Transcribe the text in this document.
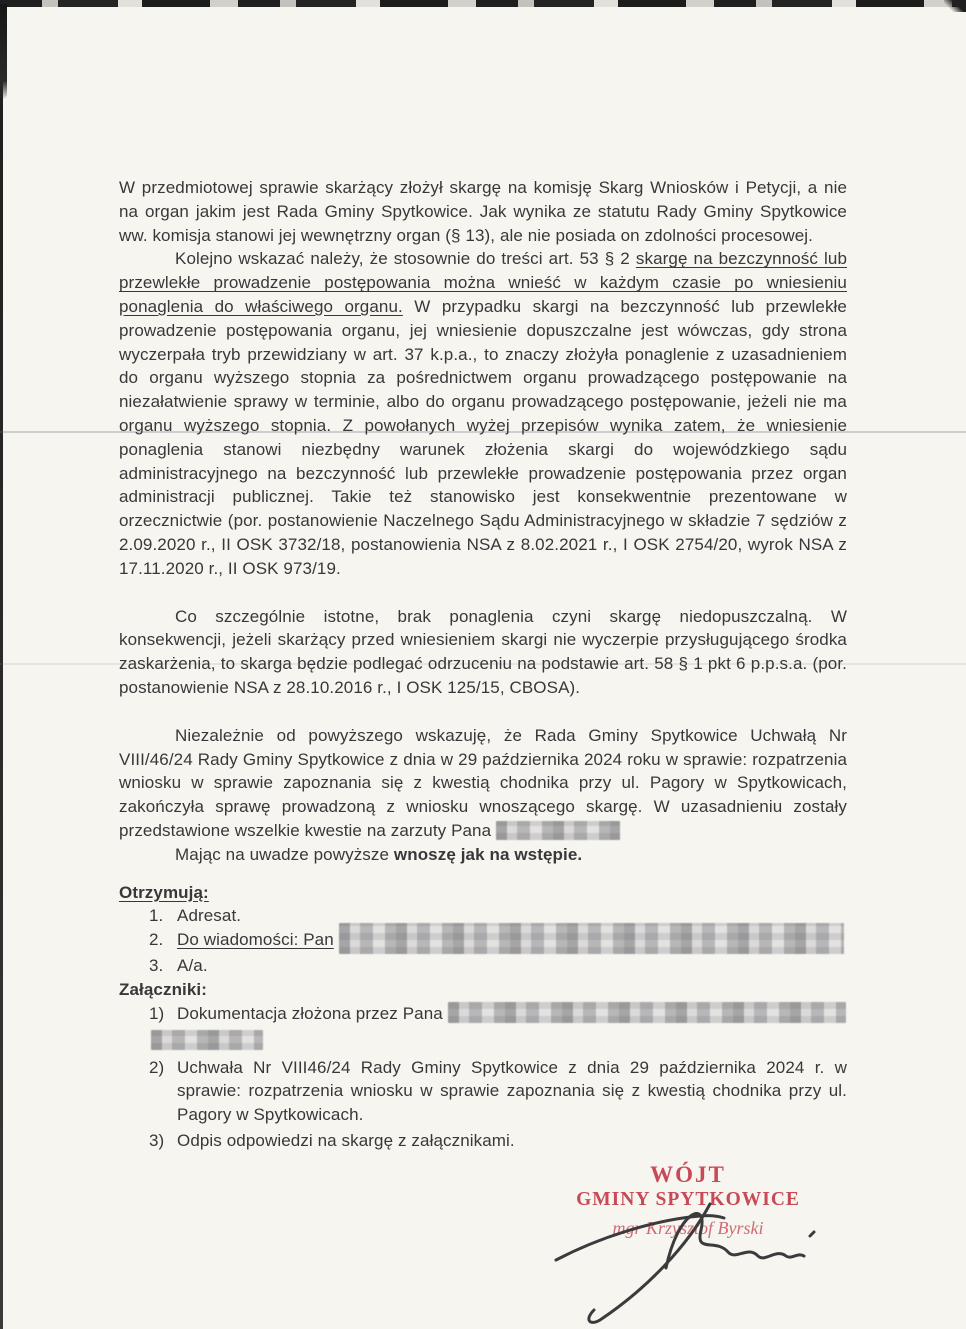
W przedmiotowej sprawie skarżący złożył skargę na komisję Skarg Wniosków i Petycji, a nie na organ jakim jest Rada Gminy Spytkowice. Jak wynika ze statutu Rady Gminy Spytkowice ww. komisja stanowi jej wewnętrzny organ (§ 13), ale nie posiada on zdolności procesowej.

Kolejno wskazać należy, że stosownie do treści art. 53 § 2 skargę na bezczynność lub przewlekłe prowadzenie postępowania można wnieść w każdym czasie po wniesieniu ponaglenia do właściwego organu. W przypadku skargi na bezczynność lub przewlekłe prowadzenie postępowania organu, jej wniesienie dopuszczalne jest wówczas, gdy strona wyczerpała tryb przewidziany w art. 37 k.p.a., to znaczy złożyła ponaglenie z uzasadnieniem do organu wyższego stopnia za pośrednictwem organu prowadzącego postępowanie na niezałatwienie sprawy w terminie, albo do organu prowadzącego postępowanie, jeżeli nie ma organu wyższego stopnia. Z powołanych wyżej przepisów wynika zatem, że wniesienie ponaglenia stanowi niezbędny warunek złożenia skargi do wojewódzkiego sądu administracyjnego na bezczynność lub przewlekłe prowadzenie postępowania przez organ administracji publicznej. Takie też stanowisko jest konsekwentnie prezentowane w orzecznictwie (por. postanowienie Naczelnego Sądu Administracyjnego w składzie 7 sędziów z 2.09.2020 r., II OSK 3732/18, postanowienia NSA z 8.02.2021 r., I OSK 2754/20, wyrok NSA z 17.11.2020 r., II OSK 973/19.

Co szczególnie istotne, brak ponaglenia czyni skargę niedopuszczalną. W konsekwencji, jeżeli skarżący przed wniesieniem skargi nie wyczerpie przysługującego środka zaskarżenia, to skarga będzie podlegać odrzuceniu na podstawie art. 58 § 1 pkt 6 p.p.s.a. (por. postanowienie NSA z 28.10.2016 r., I OSK 125/15, CBOSA).

Niezależnie od powyższego wskazuję, że Rada Gminy Spytkowice Uchwałą Nr VIII/46/24 Rady Gminy Spytkowice z dnia w 29 października 2024 roku w sprawie: rozpatrzenia wniosku w sprawie zapoznania się z kwestią chodnika przy ul. Pagory w Spytkowicach, zakończyła sprawę prowadzoną z wniosku wnoszącego skargę. W uzasadnieniu zostały przedstawione wszelkie kwestie na zarzuty Pana

Mając na uwadze powyższe wnoszę jak na wstępie.

Otrzymują:

1. Adresat.
2. Do wiadomości: Pan
3. A/a.

Załączniki:

1) Dokumentacja złożona przez Pana
2) Uchwała Nr VIII46/24 Rady Gminy Spytkowice z dnia 29 października 2024 r. w sprawie: rozpatrzenia wniosku w sprawie zapoznania się z kwestią chodnika przy ul. Pagory w Spytkowicach.
3) Odpis odpowiedzi na skargę z załącznikami.

WÓJT

GMINY SPYTKOWICE

mgr Krzysztof Byrski
